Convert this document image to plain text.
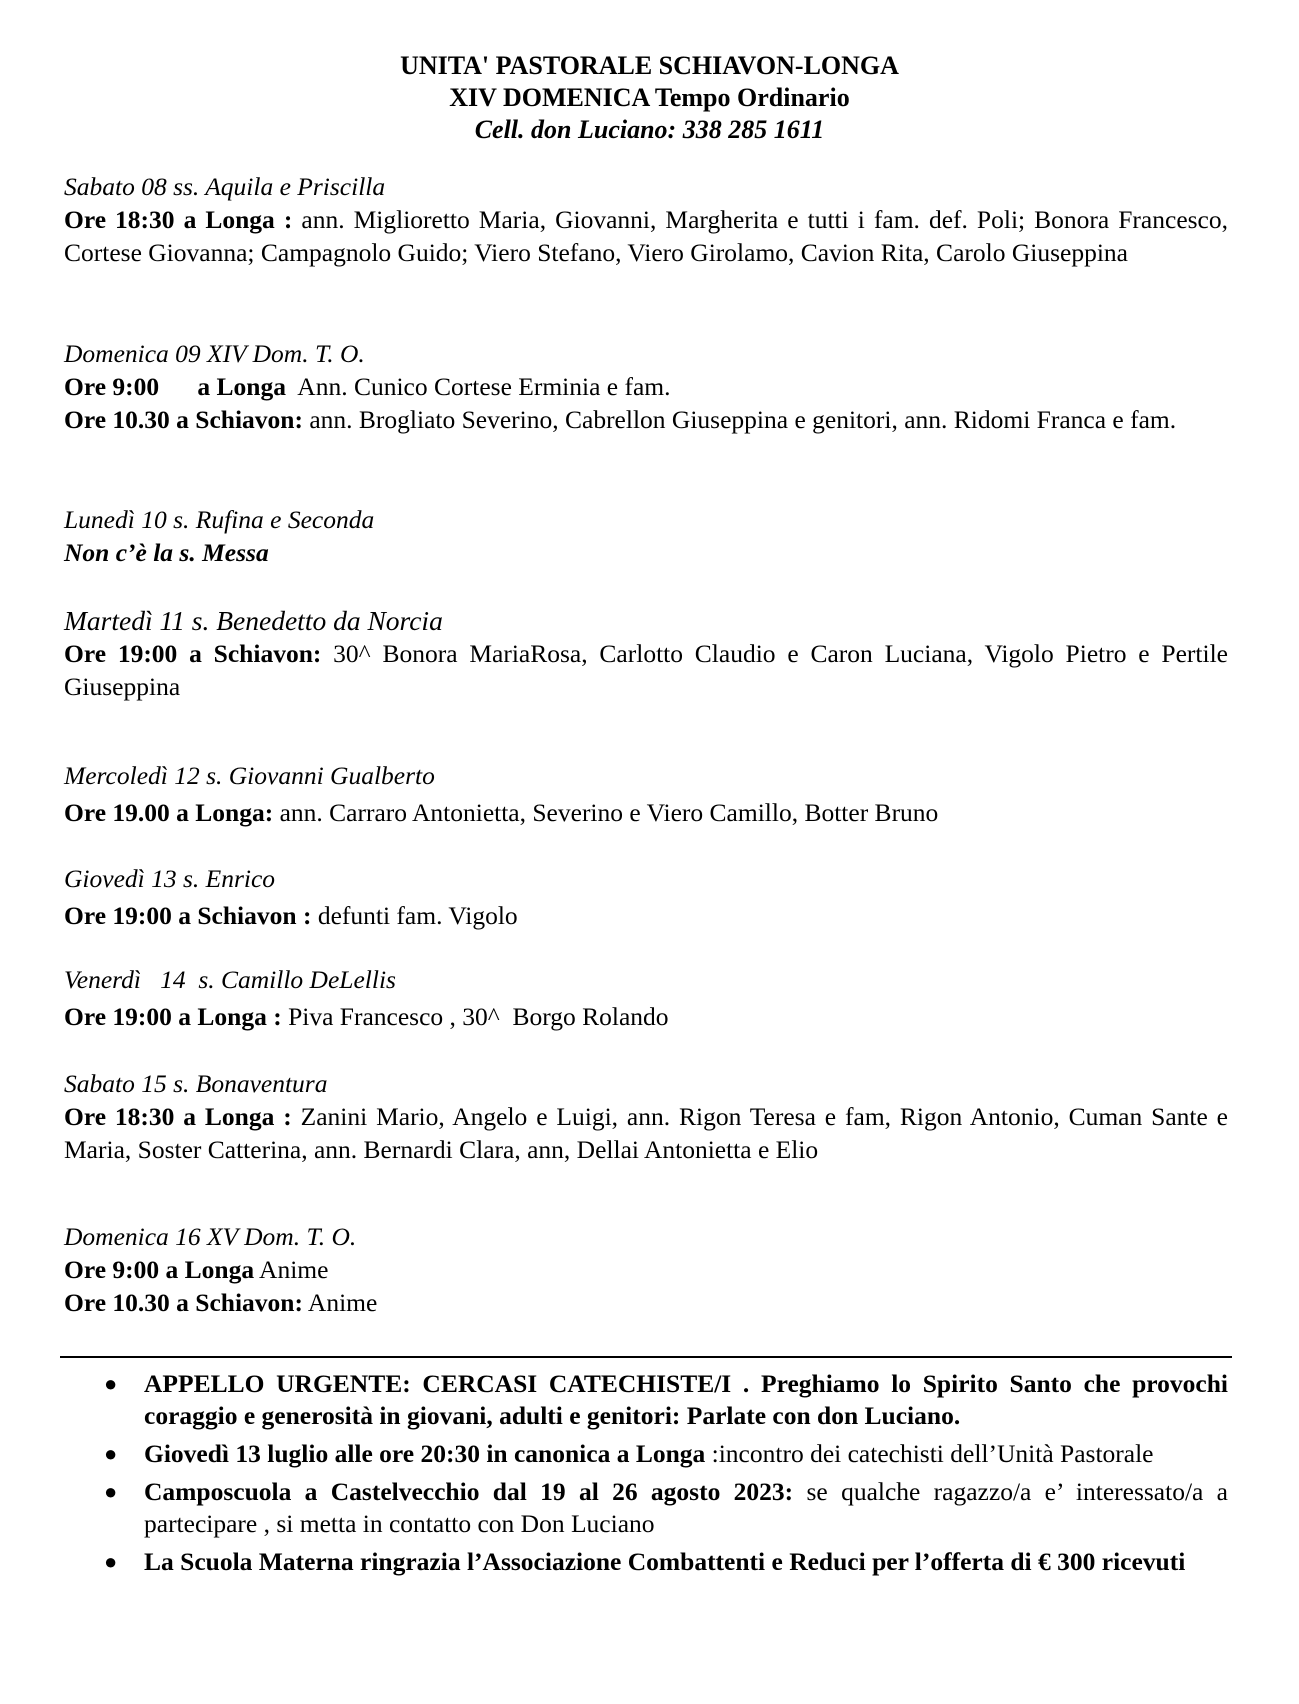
UNITA' PASTORALE SCHIAVON-LONGA
XIV DOMENICA Tempo Ordinario
Cell. don Luciano: 338 285 1611
Sabato 08 ss. Aquila e Priscilla
Ore 18:30 a Longa : ann. Miglioretto Maria, Giovanni, Margherita e tutti i fam. def. Poli; Bonora Francesco, Cortese Giovanna; Campagnolo Guido; Viero Stefano, Viero Girolamo, Cavion Rita, Carolo Giuseppina
Domenica 09 XIV Dom. T. O.
Ore 9:00      a Longa  Ann. Cunico Cortese Erminia e fam.
Ore 10.30 a Schiavon: ann. Brogliato Severino, Cabrellon Giuseppina e genitori, ann. Ridomi Franca e fam.
Lunedì 10 s. Rufina e Seconda
Non c’è la s. Messa
Martedì 11 s. Benedetto da Norcia
Ore 19:00 a Schiavon: 30^ Bonora MariaRosa, Carlotto Claudio e Caron Luciana, Vigolo Pietro e Pertile Giuseppina
Mercoledì 12 s. Giovanni Gualberto
Ore 19.00 a Longa: ann. Carraro Antonietta, Severino e Viero Camillo, Botter Bruno
Giovedì 13 s. Enrico
Ore 19:00 a Schiavon : defunti fam. Vigolo
Venerdì   14  s. Camillo DeLellis
Ore 19:00 a Longa : Piva Francesco , 30^  Borgo Rolando
Sabato 15 s. Bonaventura
Ore 18:30 a Longa : Zanini Mario, Angelo e Luigi, ann. Rigon Teresa e fam, Rigon Antonio, Cuman Sante e Maria, Soster Catterina, ann. Bernardi Clara, ann, Dellai Antonietta e Elio
Domenica 16 XV Dom. T. O.
Ore 9:00 a Longa Anime
Ore 10.30 a Schiavon: Anime
● APPELLO URGENTE: CERCASI CATECHISTE/I . Preghiamo lo Spirito Santo che provochi coraggio e generosità in giovani, adulti e genitori: Parlate con don Luciano.
● Giovedì 13 luglio alle ore 20:30 in canonica a Longa :incontro dei catechisti dell’Unità Pastorale
● Camposcuola a Castelvecchio dal 19 al 26 agosto 2023: se qualche ragazzo/a e’ interessato/a a partecipare , si metta in contatto con Don Luciano
● La Scuola Materna ringrazia l’Associazione Combattenti e Reduci per l’offerta di € 300 ricevuti
